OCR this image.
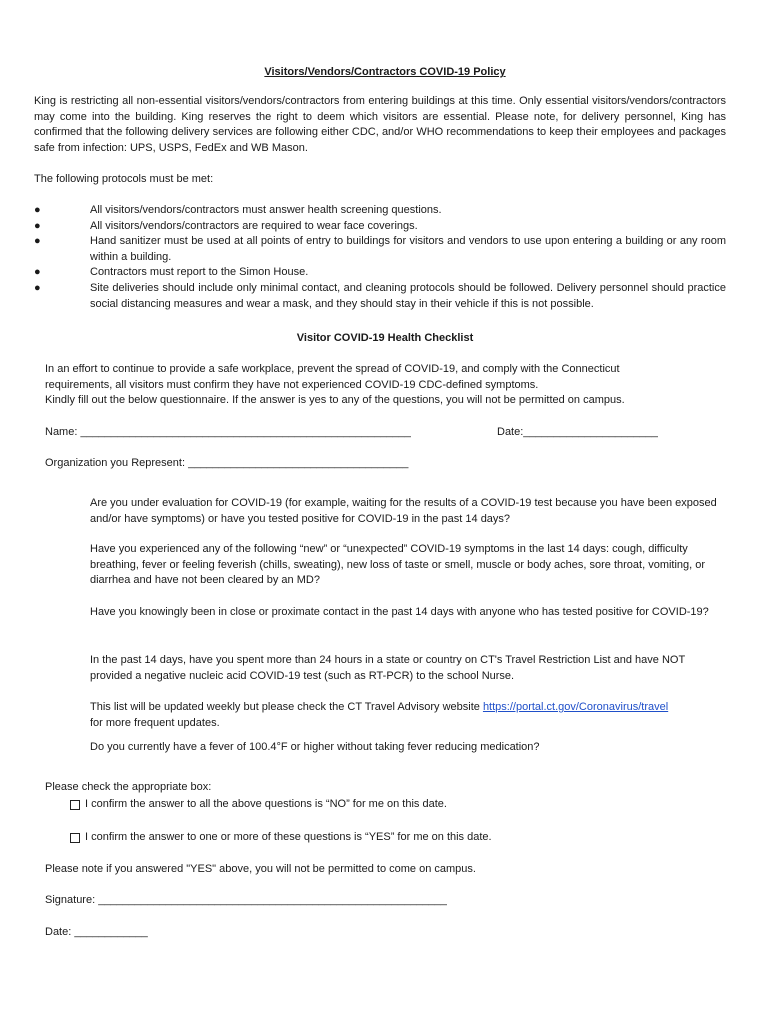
Visitors/Vendors/Contractors COVID-19 Policy

King is restricting all non-essential visitors/vendors/contractors from entering buildings at this time. Only essential visitors/vendors/contractors may come into the building. King reserves the right to deem which visitors are essential. Please note, for delivery personnel, King has confirmed that the following delivery services are following either CDC, and/or WHO recommendations to keep their employees and packages safe from infection: UPS, USPS, FedEx and WB Mason.

The following protocols must be met:

●	All visitors/vendors/contractors must answer health screening questions.
●	All visitors/vendors/contractors are required to wear face coverings.
●	Hand sanitizer must be used at all points of entry to buildings for visitors and vendors to use upon entering a building or any room within a building.
●	Contractors must report to the Simon House.
●	Site deliveries should include only minimal contact, and cleaning protocols should be followed. Delivery personnel should practice social distancing measures and wear a mask, and they should stay in their vehicle if this is not possible.
Visitor COVID-19 Health Checklist
In an effort to continue to provide a safe workplace, prevent the spread of COVID-19, and comply with the Connecticut
requirements, all visitors must confirm they have not experienced COVID-19 CDC-defined symptoms.
Kindly fill out the below questionnaire. If the answer is yes to any of the questions, you will not be permitted on campus.

Name: ______________________________________________________	Date:______________________

Organization you Represent: ____________________________________

Are you under evaluation for COVID-19 (for example, waiting for the results of a COVID-19 test because you have been exposed and/or have symptoms) or have you tested positive for COVID-19 in the past 14 days?

Have you experienced any of the following “new” or “unexpected” COVID-19 symptoms in the last 14 days: cough, difficulty breathing, fever or feeling feverish (chills, sweating), new loss of taste or smell, muscle or body aches, sore throat, vomiting, or diarrhea and have not been cleared by an MD?

Have you knowingly been in close or proximate contact in the past 14 days with anyone who has tested positive for COVID-19?

In the past 14 days, have you spent more than 24 hours in a state or country on CT's Travel Restriction List and have NOT provided a negative nucleic acid COVID-19 test (such as RT-PCR) to the school Nurse.

This list will be updated weekly but please check the CT Travel Advisory website https://portal.ct.gov/Coronavirus/travel
for more frequent updates.

Do you currently have a fever of 100.4°F or higher without taking fever reducing medication?

Please check the appropriate box:

I confirm the answer to all the above questions is “NO” for me on this date.
I confirm the answer to one or more of these questions is “YES” for me on this date.

Please note if you answered "YES" above, you will not be permitted to come on campus.

Signature: _________________________________________________________

Date: ____________
